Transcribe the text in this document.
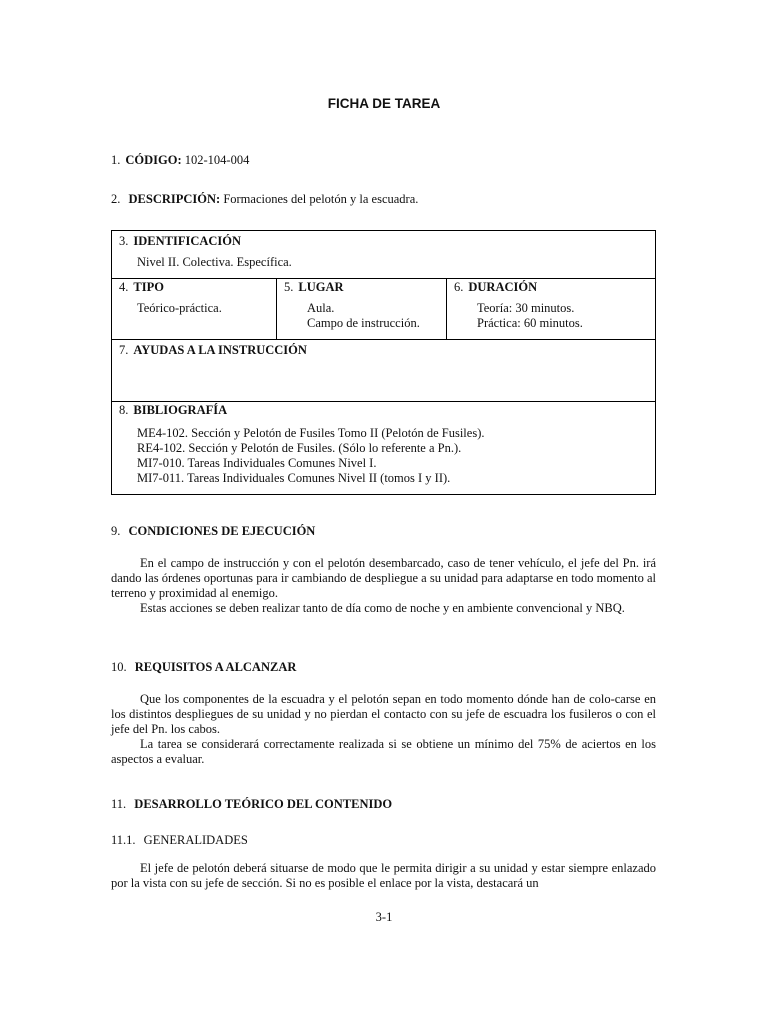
FICHA DE TAREA
1. CÓDIGO: 102-104-004
2. DESCRIPCIÓN: Formaciones del pelotón y la escuadra.
3. IDENTIFICACIÓN
Nivel II. Colectiva. Específica.
4. TIPO
Teórico-práctica.
5. LUGAR
Aula.
Campo de instrucción.
6. DURACIÓN
Teoría: 30 minutos.
Práctica: 60 minutos.
7. AYUDAS A LA INSTRUCCIÓN
8. BIBLIOGRAFÍA
ME4-102. Sección y Pelotón de Fusiles Tomo II (Pelotón de Fusiles).
RE4-102. Sección y Pelotón de Fusiles. (Sólo lo referente a Pn.).
MI7-010. Tareas Individuales Comunes Nivel I.
MI7-011. Tareas Individuales Comunes Nivel II (tomos I y II).
9. CONDICIONES DE EJECUCIÓN

En el campo de instrucción y con el pelotón desembarcado, caso de tener vehículo, el jefe del Pn. irá dando las órdenes oportunas para ir cambiando de despliegue a su unidad para adaptarse en todo momento al terreno y proximidad al enemigo.

Estas acciones se deben realizar tanto de día como de noche y en ambiente convencional y NBQ.

10. REQUISITOS A ALCANZAR

Que los componentes de la escuadra y el pelotón sepan en todo momento dónde han de colo-carse en los distintos despliegues de su unidad y no pierdan el contacto con su jefe de escuadra los fusileros o con el jefe del Pn. los cabos.

La tarea se considerará correctamente realizada si se obtiene un mínimo del 75% de aciertos en los aspectos a evaluar.

11. DESARROLLO TEÓRICO DEL CONTENIDO
11.1. GENERALIDADES

El jefe de pelotón deberá situarse de modo que le permita dirigir a su unidad y estar siempre enlazado por la vista con su jefe de sección. Si no es posible el enlace por la vista, destacará un

3-1
